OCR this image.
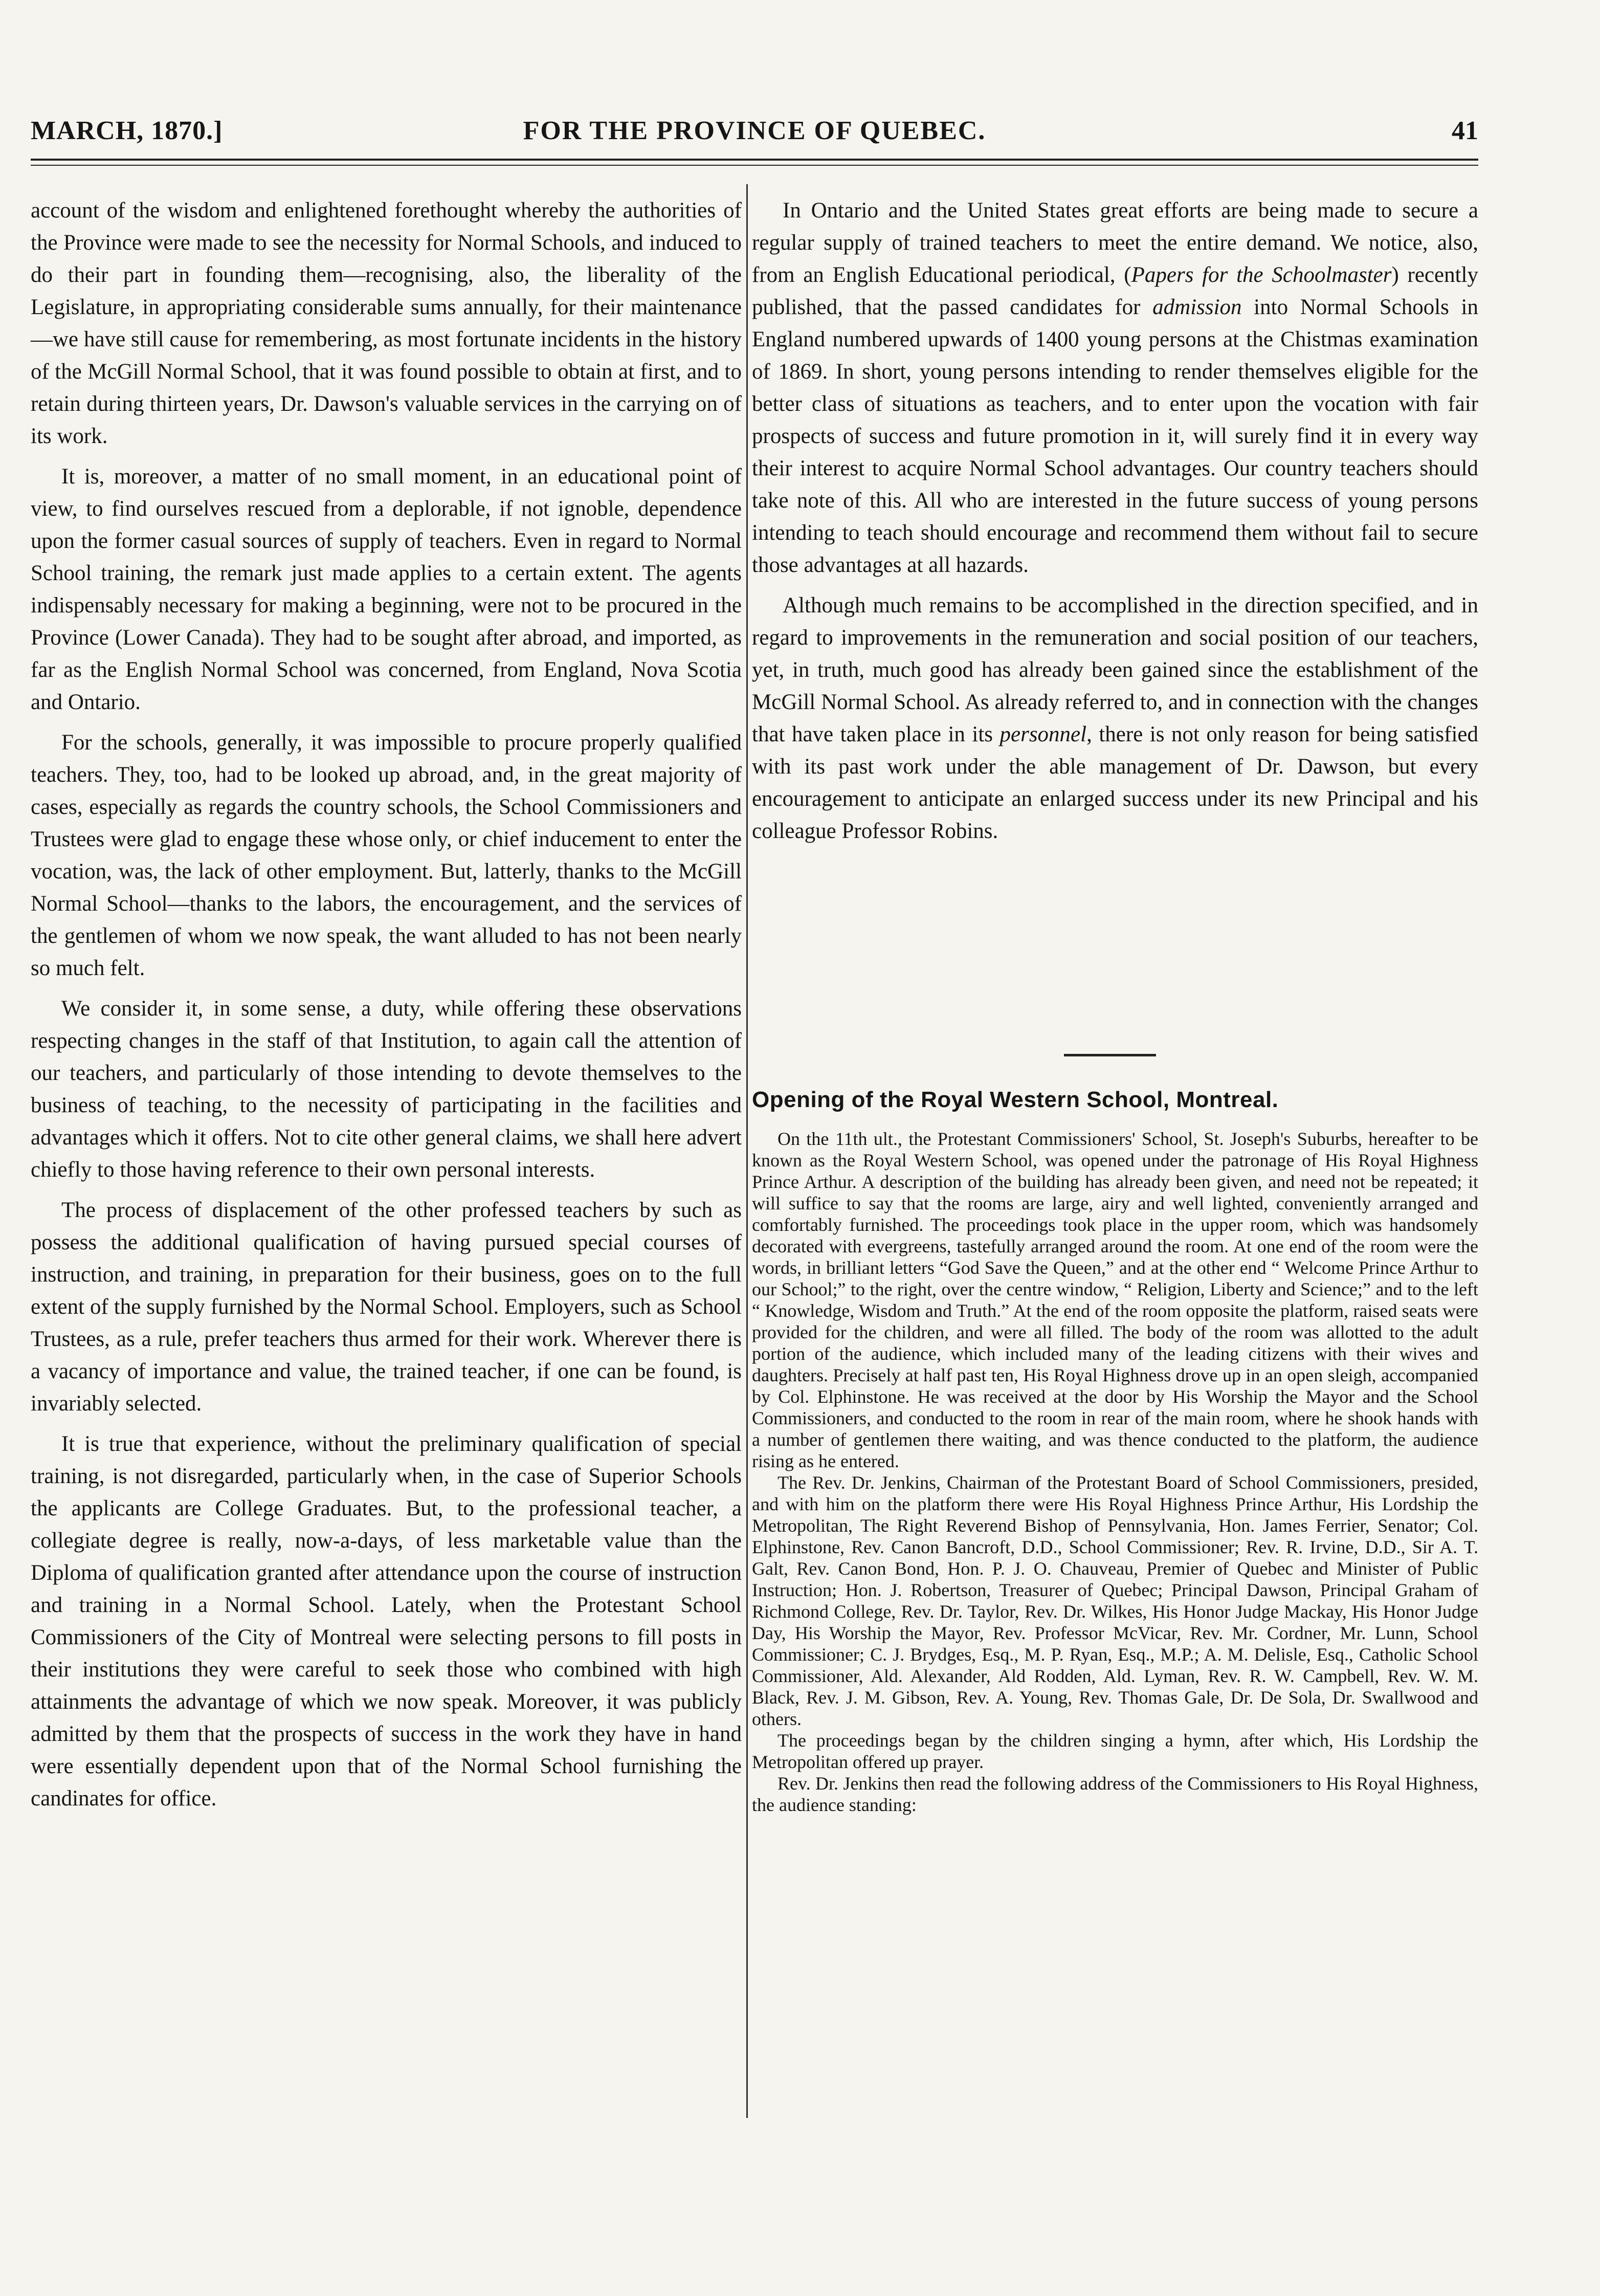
MARCH, 1870.]	FOR THE PROVINCE OF QUEBEC.	41

account of the wisdom and enlightened forethought whereby the authorities of the Province were made to see the necessity for Normal Schools, and induced to do their part in founding them—recognising, also, the liberality of the Legislature, in appropriating considerable sums annually, for their maintenance—we have still cause for remembering, as most fortunate incidents in the history of the McGill Normal School, that it was found possible to obtain at first, and to retain during thirteen years, Dr. Dawson's valuable services in the carrying on of its work.

It is, moreover, a matter of no small moment, in an educational point of view, to find ourselves rescued from a deplorable, if not ignoble, dependence upon the former casual sources of supply of teachers. Even in regard to Normal School training, the remark just made applies to a certain extent. The agents indispensably necessary for making a beginning, were not to be procured in the Province (Lower Canada). They had to be sought after abroad, and imported, as far as the English Normal School was concerned, from England, Nova Scotia and Ontario.

For the schools, generally, it was impossible to procure properly qualified teachers. They, too, had to be looked up abroad, and, in the great majority of cases, especially as regards the country schools, the School Commissioners and Trustees were glad to engage these whose only, or chief inducement to enter the vocation, was, the lack of other employment. But, latterly, thanks to the McGill Normal School—thanks to the labors, the encouragement, and the services of the gentlemen of whom we now speak, the want alluded to has not been nearly so much felt.

We consider it, in some sense, a duty, while offering these observations respecting changes in the staff of that Institution, to again call the attention of our teachers, and particularly of those intending to devote themselves to the business of teaching, to the necessity of participating in the facilities and advantages which it offers. Not to cite other general claims, we shall here advert chiefly to those having reference to their own personal interests.

The process of displacement of the other professed teachers by such as possess the additional qualification of having pursued special courses of instruction, and training, in preparation for their business, goes on to the full extent of the supply furnished by the Normal School. Employers, such as School Trustees, as a rule, prefer teachers thus armed for their work. Wherever there is a vacancy of importance and value, the trained teacher, if one can be found, is invariably selected.

It is true that experience, without the preliminary qualification of special training, is not disregarded, particularly when, in the case of Superior Schools the applicants are College Graduates. But, to the professional teacher, a collegiate degree is really, now-a-days, of less marketable value than the Diploma of qualification granted after attendance upon the course of instruction and training in a Normal School. Lately, when the Protestant School Commissioners of the City of Montreal were selecting persons to fill posts in their institutions they were careful to seek those who combined with high attainments the advantage of which we now speak. Moreover, it was publicly admitted by them that the prospects of success in the work they have in hand were essentially dependent upon that of the Normal School furnishing the candinates for office.

In Ontario and the United States great efforts are being made to secure a regular supply of trained teachers to meet the entire demand. We notice, also, from an English Educational periodical, (Papers for the Schoolmaster) recently published, that the passed candidates for admission into Normal Schools in England numbered upwards of 1400 young persons at the Chistmas examination of 1869. In short, young persons intending to render themselves eligible for the better class of situations as teachers, and to enter upon the vocation with fair prospects of success and future promotion in it, will surely find it in every way their interest to acquire Normal School advantages. Our country teachers should take note of this. All who are interested in the future success of young persons intending to teach should encourage and recommend them without fail to secure those advantages at all hazards.

Although much remains to be accomplished in the direction specified, and in regard to improvements in the remuneration and social position of our teachers, yet, in truth, much good has already been gained since the establishment of the McGill Normal School. As already referred to, and in connection with the changes that have taken place in its personnel, there is not only reason for being satisfied with its past work under the able management of Dr. Dawson, but every encouragement to anticipate an enlarged success under its new Principal and his colleague Professor Robins.

Opening of the Royal Western School, Montreal.

On the 11th ult., the Protestant Commissioners' School, St. Joseph's Suburbs, hereafter to be known as the Royal Western School, was opened under the patronage of His Royal Highness Prince Arthur. A description of the building has already been given, and need not be repeated; it will suffice to say that the rooms are large, airy and well lighted, conveniently arranged and comfortably furnished. The proceedings took place in the upper room, which was handsomely decorated with evergreens, tastefully arranged around the room. At one end of the room were the words, in brilliant letters “God Save the Queen,” and at the other end “ Welcome Prince Arthur to our School;” to the right, over the centre window, “ Religion, Liberty and Science;” and to the left “ Knowledge, Wisdom and Truth.” At the end of the room opposite the platform, raised seats were provided for the children, and were all filled. The body of the room was allotted to the adult portion of the audience, which included many of the leading citizens with their wives and daughters. Precisely at half past ten, His Royal Highness drove up in an open sleigh, accompanied by Col. Elphinstone. He was received at the door by His Worship the Mayor and the School Commissioners, and conducted to the room in rear of the main room, where he shook hands with a number of gentlemen there waiting, and was thence conducted to the platform, the audience rising as he entered.

The Rev. Dr. Jenkins, Chairman of the Protestant Board of School Commissioners, presided, and with him on the platform there were His Royal Highness Prince Arthur, His Lordship the Metropolitan, The Right Reverend Bishop of Pennsylvania, Hon. James Ferrier, Senator; Col. Elphinstone, Rev. Canon Bancroft, D.D., School Commissioner; Rev. R. Irvine, D.D., Sir A. T. Galt, Rev. Canon Bond, Hon. P. J. O. Chauveau, Premier of Quebec and Minister of Public Instruction; Hon. J. Robertson, Treasurer of Quebec; Principal Dawson, Principal Graham of Richmond College, Rev. Dr. Taylor, Rev. Dr. Wilkes, His Honor Judge Mackay, His Honor Judge Day, His Worship the Mayor, Rev. Professor McVicar, Rev. Mr. Cordner, Mr. Lunn, School Commissioner; C. J. Brydges, Esq., M. P. Ryan, Esq., M.P.; A. M. Delisle, Esq., Catholic School Commissioner, Ald. Alexander, Ald Rodden, Ald. Lyman, Rev. R. W. Campbell, Rev. W. M. Black, Rev. J. M. Gibson, Rev. A. Young, Rev. Thomas Gale, Dr. De Sola, Dr. Swallwood and others.

The proceedings began by the children singing a hymn, after which, His Lordship the Metropolitan offered up prayer.

Rev. Dr. Jenkins then read the following address of the Commissioners to His Royal Highness, the audience standing:
